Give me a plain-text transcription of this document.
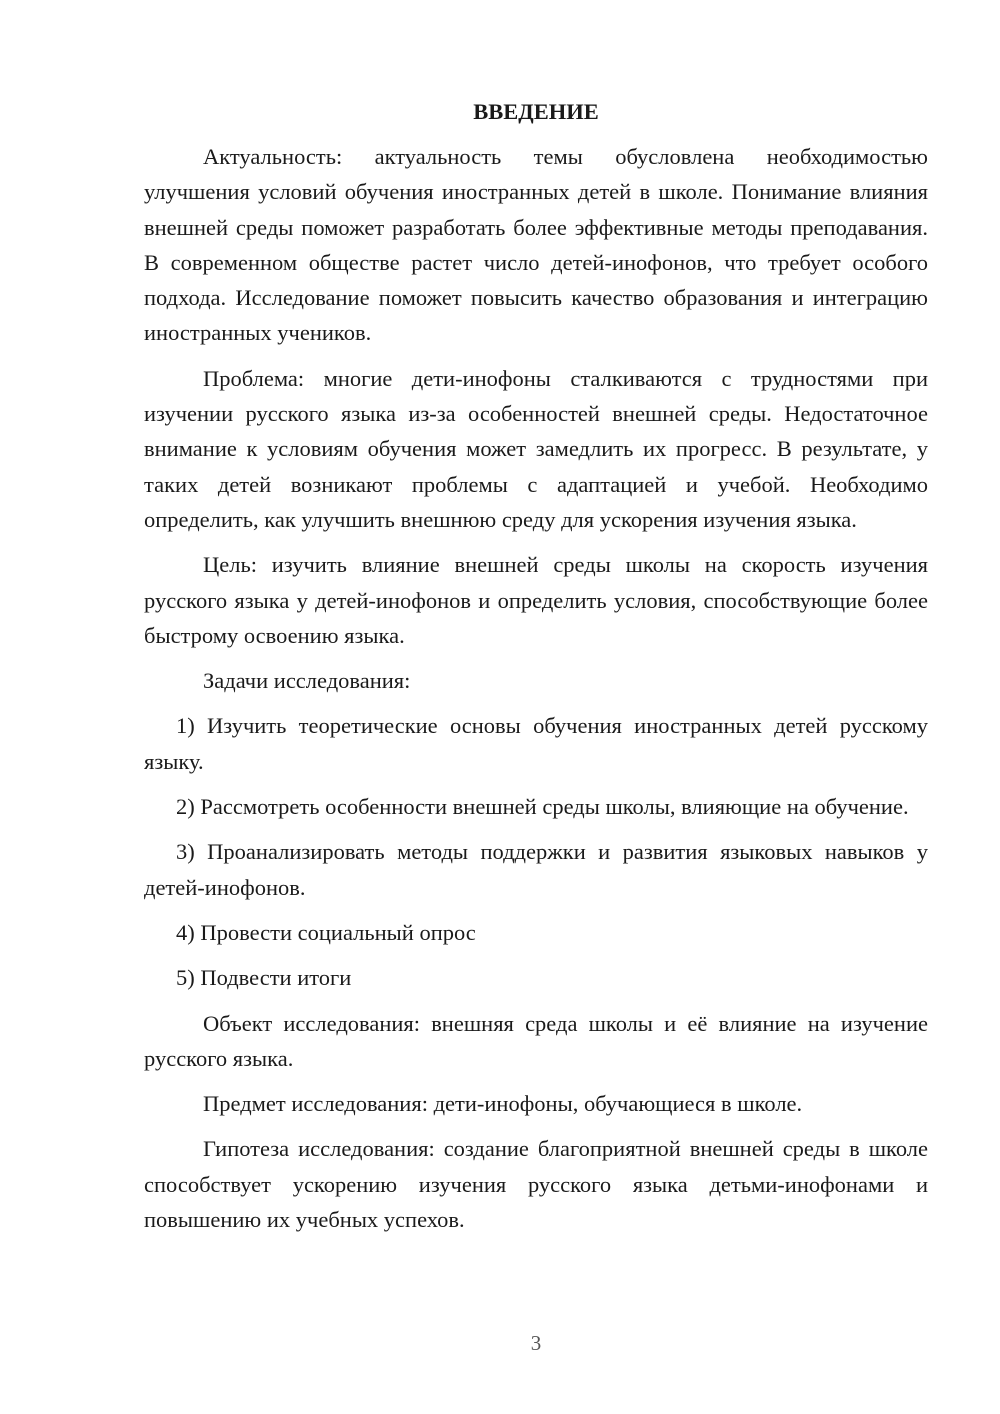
ВВЕДЕНИЕ

Актуальность: актуальность темы обусловлена необходимостью улучшения условий обучения иностранных детей в школе. Понимание влияния внешней среды поможет разработать более эффективные методы преподавания. В современном обществе растет число детей-инофонов, что требует особого подхода. Исследование поможет повысить качество образования и интеграцию иностранных учеников.

Проблема: многие дети-инофоны сталкиваются с трудностями при изучении русского языка из-за особенностей внешней среды. Недостаточное внимание к условиям обучения может замедлить их прогресс. В результате, у таких детей возникают проблемы с адаптацией и учебой. Необходимо определить, как улучшить внешнюю среду для ускорения изучения языка.

Цель: изучить влияние внешней среды школы на скорость изучения русского языка у детей-инофонов и определить условия, способствующие более быстрому освоению языка.

Задачи исследования:

1) Изучить теоретические основы обучения иностранных детей русскому языку.

2) Рассмотреть особенности внешней среды школы, влияющие на обучение.

3) Проанализировать методы поддержки и развития языковых навыков у детей-инофонов.

4) Провести социальный опрос

5) Подвести итоги

Объект исследования: внешняя среда школы и её влияние на изучение русского языка.

Предмет исследования: дети-инофоны, обучающиеся в школе.

Гипотеза исследования: создание благоприятной внешней среды в школе способствует ускорению изучения русского языка детьми-инофонами и повышению их учебных успехов.

3
